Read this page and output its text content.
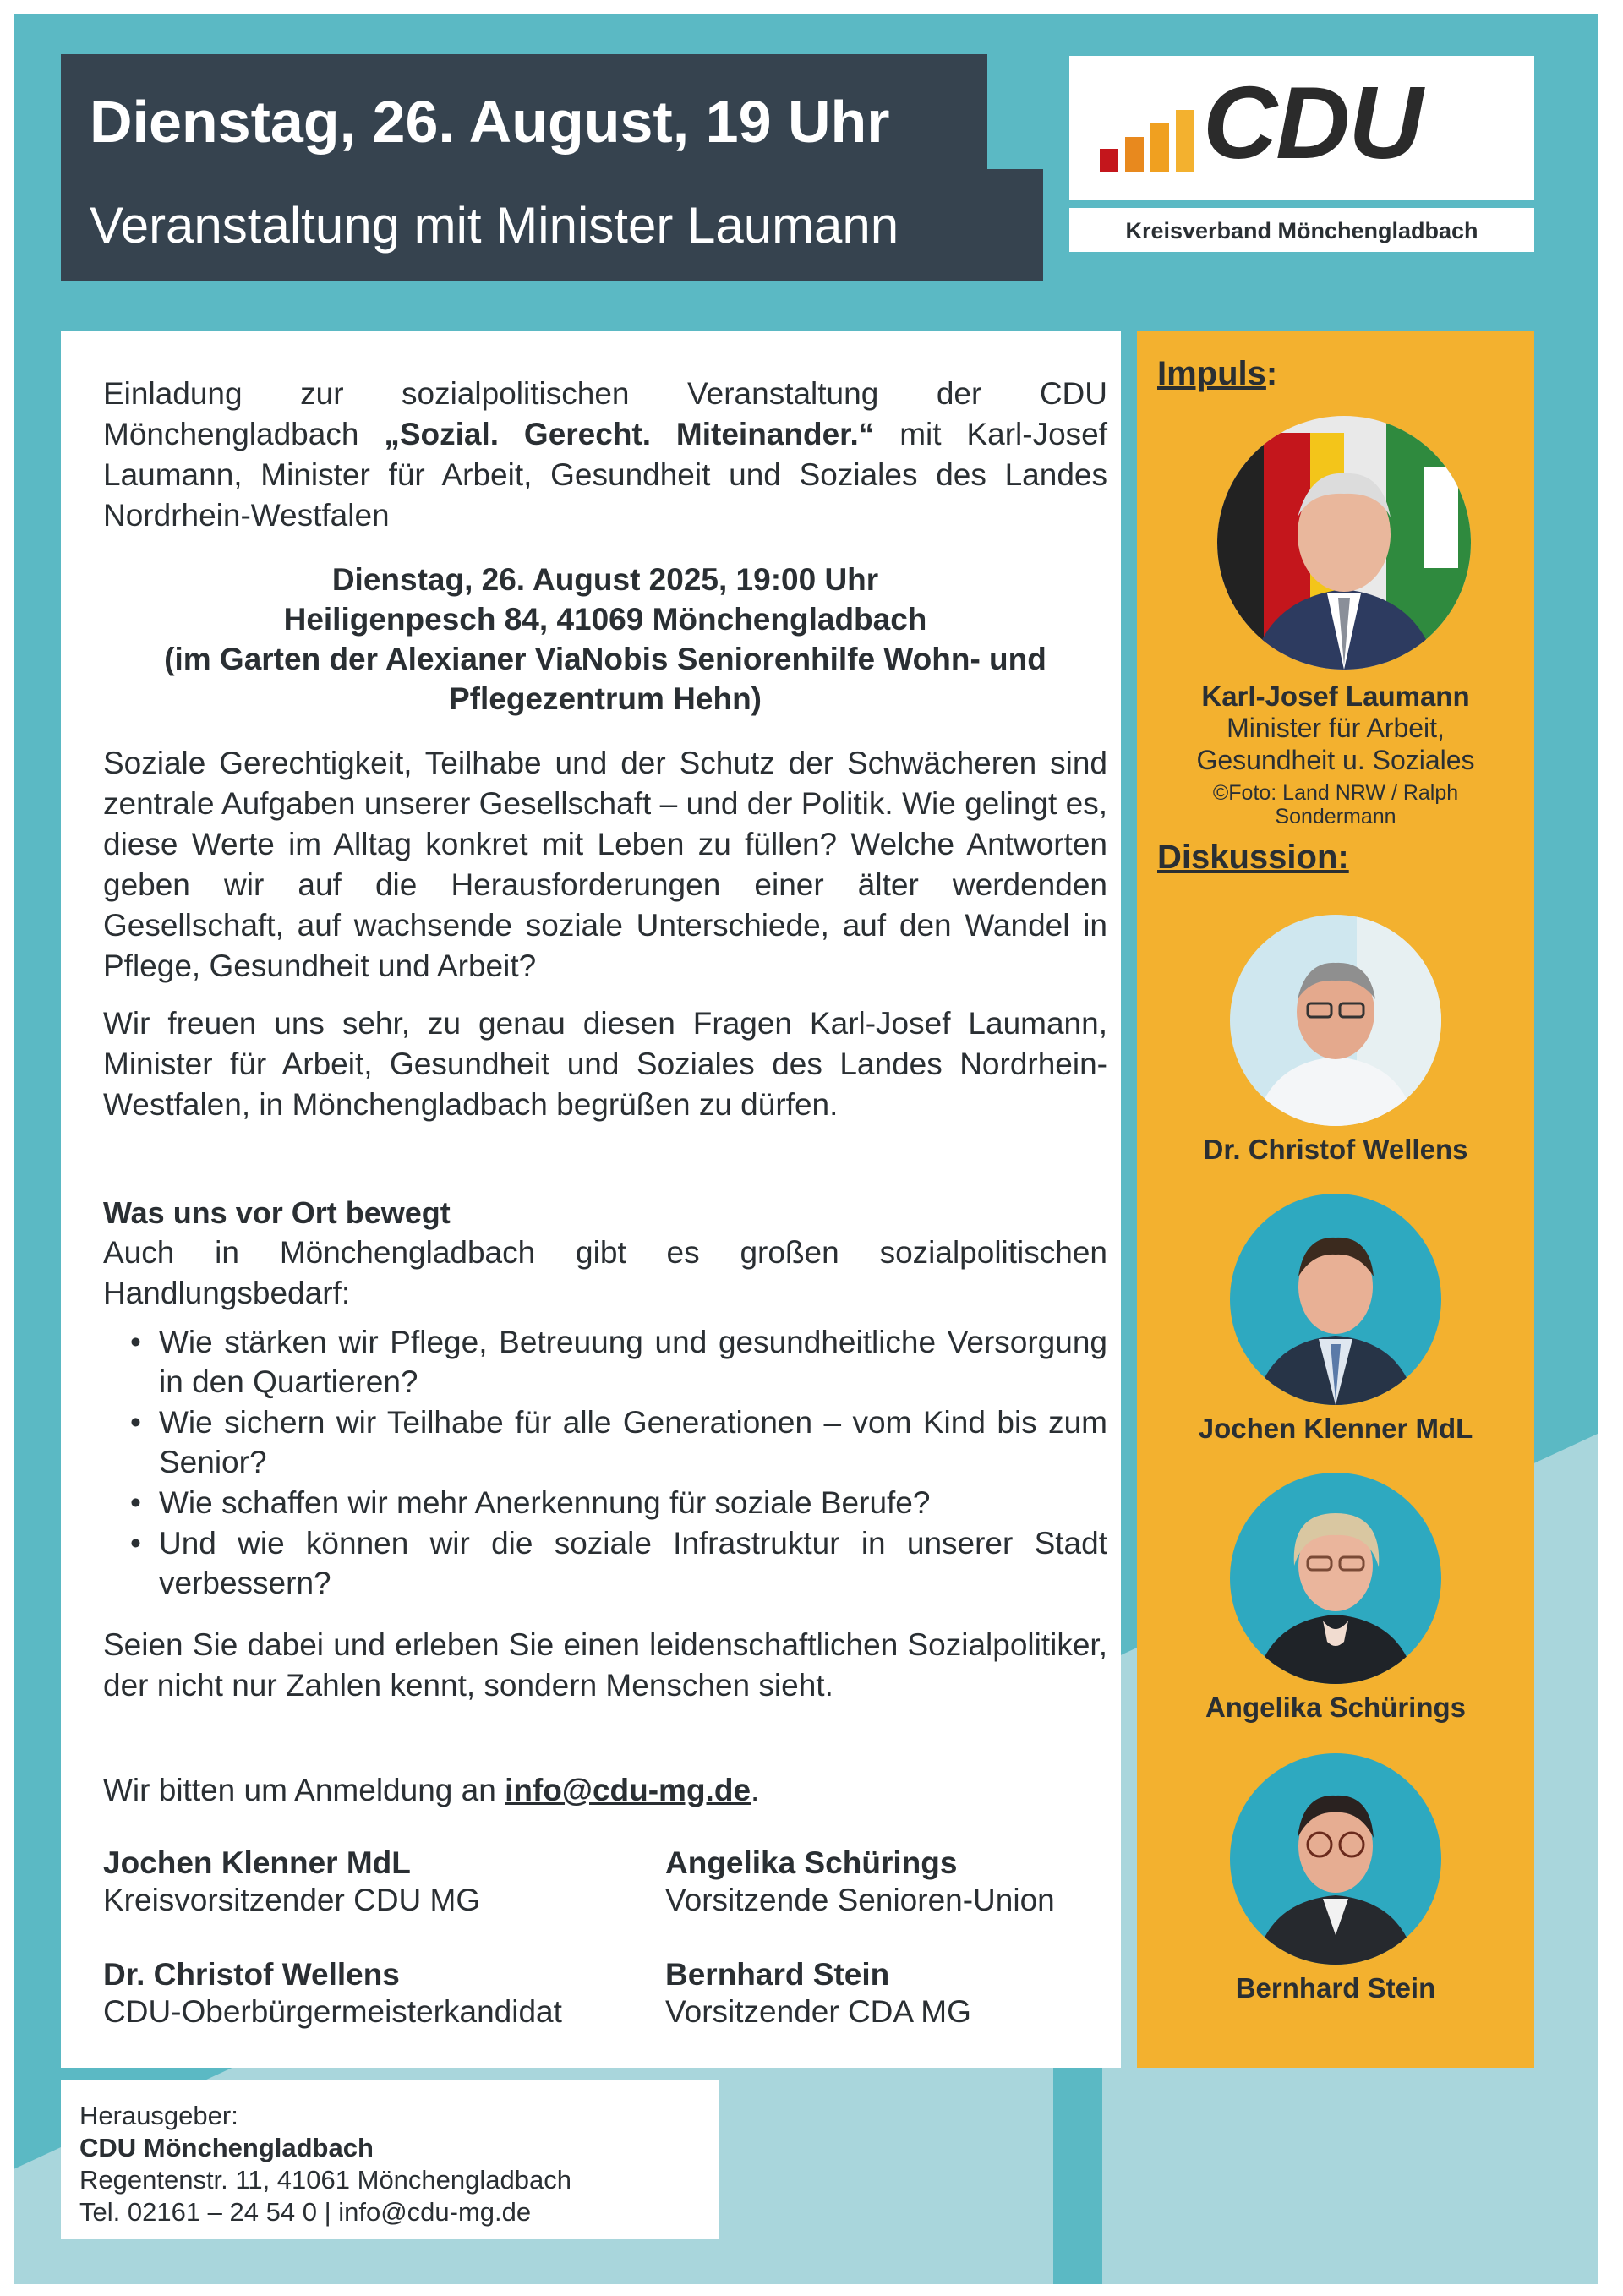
Dienstag, 26. August, 19 Uhr
Veranstaltung mit Minister Laumann
CDU
Kreisverband Mönchengladbach

Einladung zur sozialpolitischen Veranstaltung der CDU Mönchengladbach „Sozial. Gerecht. Miteinander.“ mit Karl-Josef Laumann, Minister für Arbeit, Gesundheit und Soziales des Landes Nordrhein-Westfalen

Dienstag, 26. August 2025, 19:00 Uhr
Heiligenpesch 84, 41069 Mönchengladbach
(im Garten der Alexianer ViaNobis Seniorenhilfe Wohn- und Pflegezentrum Hehn)

Soziale Gerechtigkeit, Teilhabe und der Schutz der Schwächeren sind zentrale Aufgaben unserer Gesellschaft – und der Politik. Wie gelingt es, diese Werte im Alltag konkret mit Leben zu füllen? Welche Antworten geben wir auf die Herausforderungen einer älter werdenden Gesellschaft, auf wachsende soziale Unterschiede, auf den Wandel in Pflege, Gesundheit und Arbeit?

Wir freuen uns sehr, zu genau diesen Fragen Karl-Josef Laumann, Minister für Arbeit, Gesundheit und Soziales des Landes Nordrhein-Westfalen, in Mönchengladbach begrüßen zu dürfen.

Was uns vor Ort bewegt

Auch in Mönchengladbach gibt es großen sozialpolitischen Handlungsbedarf:

• Wie stärken wir Pflege, Betreuung und gesundheitliche Versorgung in den Quartieren?
• Wie sichern wir Teilhabe für alle Generationen – vom Kind bis zum Senior?
• Wie schaffen wir mehr Anerkennung für soziale Berufe?
• Und wie können wir die soziale Infrastruktur in unserer Stadt verbessern?

Seien Sie dabei und erleben Sie einen leidenschaftlichen Sozialpolitiker, der nicht nur Zahlen kennt, sondern Menschen sieht.

Wir bitten um Anmeldung an info@cdu-mg.de.

Jochen Klenner MdL
Kreisvorsitzender CDU MG
Angelika Schürings
Vorsitzende Senioren-Union
Dr. Christof Wellens
CDU-Oberbürgermeisterkandidat
Bernhard Stein
Vorsitzender CDA MG
Impuls:
Karl-Josef Laumann
Minister für Arbeit,
Gesundheit u. Soziales
©Foto: Land NRW / Ralph
Sondermann
Diskussion:
Dr. Christof Wellens
Jochen Klenner MdL
Angelika Schürings
Bernhard Stein
Herausgeber:
CDU Mönchengladbach
Regentenstr. 11, 41061 Mönchengladbach
Tel. 02161 – 24 54 0 | info@cdu-mg.de
